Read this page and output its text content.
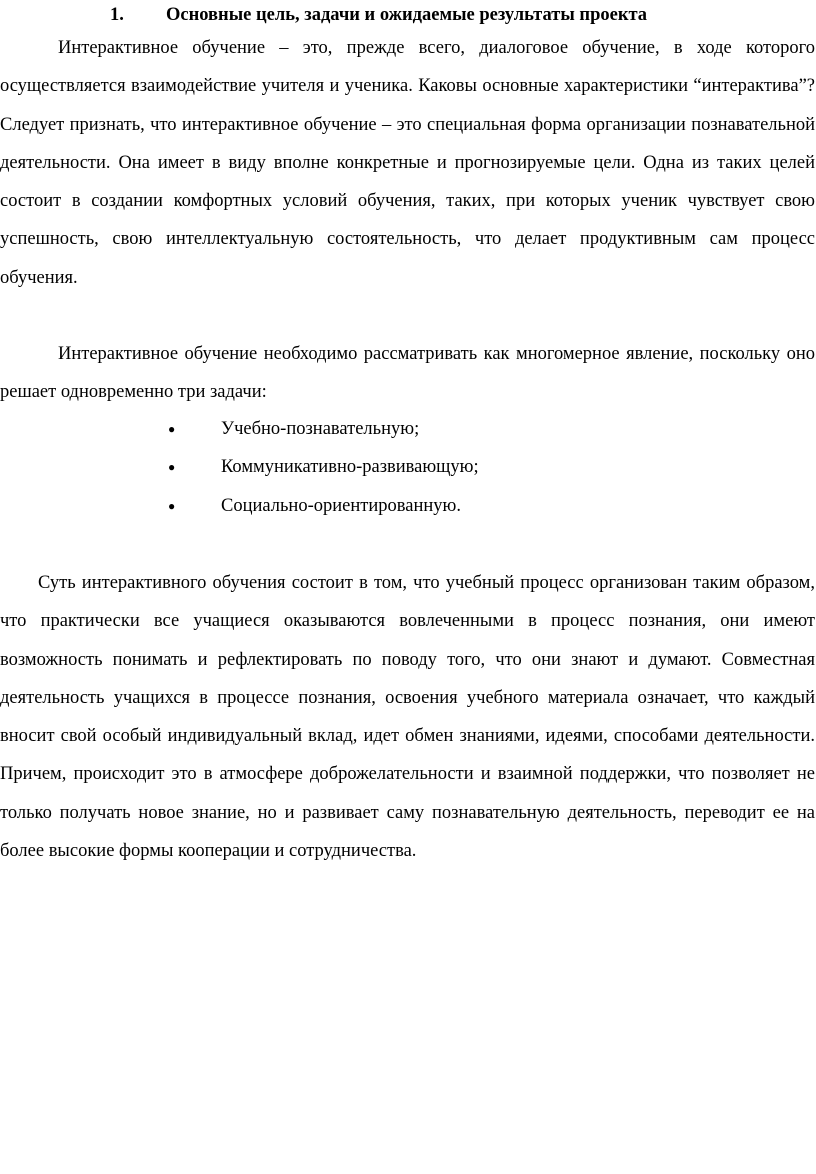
1. Основные цель, задачи и ожидаемые результаты проекта

Интерактивное обучение – это, прежде всего, диалоговое обучение, в ходе которого осуществляется взаимодействие учителя и ученика. Каковы основные характеристики “интерактива”? Следует признать, что интерактивное обучение – это специальная форма организации познавательной деятельности. Она имеет в виду вполне конкретные и прогнозируемые цели. Одна из таких целей состоит в создании комфортных условий обучения, таких, при которых ученик чувствует свою успешность, свою интеллектуальную состоятельность, что делает продуктивным сам процесс обучения.

Интерактивное обучение необходимо рассматривать как многомерное явление, поскольку оно решает одновременно три задачи:

● Учебно-познавательную;
● Коммуникативно-развивающую;
● Социально-ориентированную.

Суть интерактивного обучения состоит в том, что учебный процесс организован таким образом, что практически все учащиеся оказываются вовлеченными в процесс познания, они имеют возможность понимать и рефлектировать по поводу того, что они знают и думают. Совместная деятельность учащихся в процессе познания, освоения учебного материала означает, что каждый вносит свой особый индивидуальный вклад, идет обмен знаниями, идеями, способами деятельности. Причем, происходит это в атмосфере доброжелательности и взаимной поддержки, что позволяет не только получать новое знание, но и развивает саму познавательную деятельность, переводит ее на более высокие формы кооперации и сотрудничества.
